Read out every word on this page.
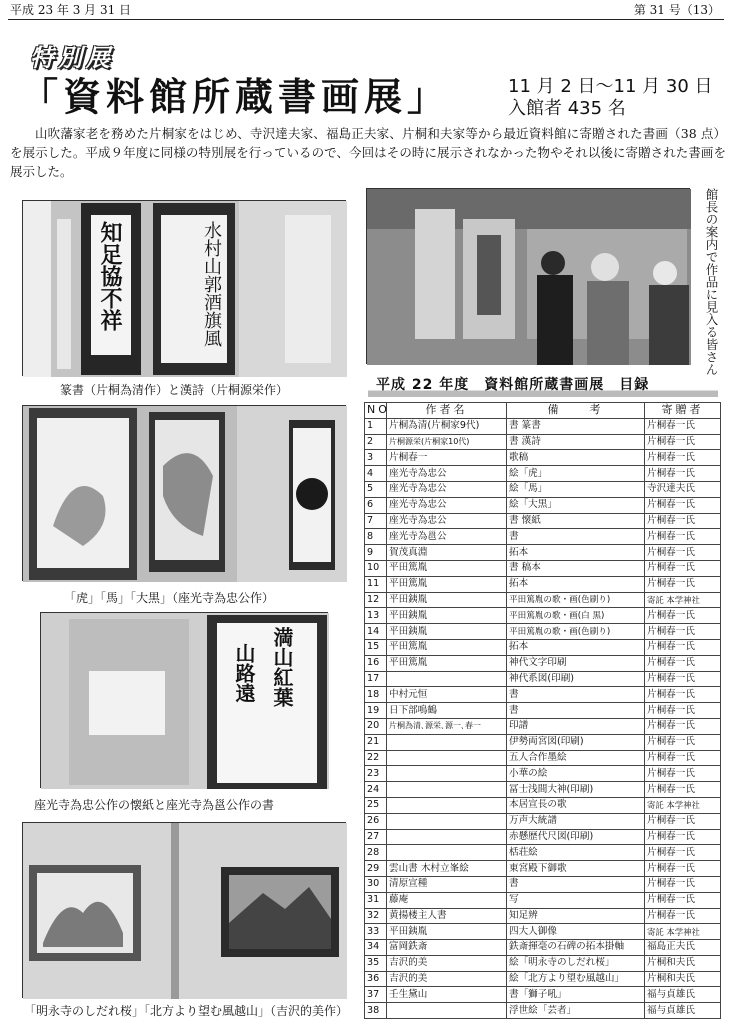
平成 23 年 3 月 31 日	第 31 号（13）
特別展
「資料館所蔵書画展」	11 月 2 日～11 月 30 日
入館者 435 名

山吹藩家老を務めた片桐家をはじめ、寺沢達夫家、福島正夫家、片桐和夫家等から最近資料館に寄贈された書画（38 点）を展示した。平成９年度に同様の特別展を行っているので、今回はその時に展示されなかった物やそれ以後に寄贈された書画を展示した。

知足協不祥	水村山郭酒旗風
篆書（片桐為清作）と漢詩（片桐源栄作）
「虎」「馬」「大黒」（座光寺為忠公作）
山路遠 満山紅葉
座光寺為忠公作の懐紙と座光寺為邕公作の書
「明永寺のしだれ桜」「北方より望む風越山」（吉沢的美作）
館長の案内で作品に見入る皆さん
平成 22 年度　資料館所蔵書画展　目録
NO	作者名	備　　考	寄贈者
1	片桐為清(片桐家9代)	書 篆書	片桐春一氏
2	片桐源栄(片桐家10代)	書 漢詩	片桐春一氏
3	片桐春一	歌稿	片桐春一氏
4	座光寺為忠公	絵「虎」	片桐春一氏
5	座光寺為忠公	絵「馬」	寺沢達夫氏
6	座光寺為忠公	絵「大黒」	片桐春一氏
7	座光寺為忠公	書 懐紙	片桐春一氏
8	座光寺為邕公	書	片桐春一氏
9	賀茂真淵	拓本	片桐春一氏
10	平田篤胤	書 稿本	片桐春一氏
11	平田篤胤	拓本	片桐春一氏
12	平田銕胤	平田篤胤の歌・画(色刷り)	寄託 本学神社
13	平田銕胤	平田篤胤の歌・画(白 黒)	片桐春一氏
14	平田銕胤	平田篤胤の歌・画(色刷り)	片桐春一氏
15	平田篤胤	拓本	片桐春一氏
16	平田篤胤	神代文字印刷	片桐春一氏
17		神代系図(印刷)	片桐春一氏
18	中村元恒	書	片桐春一氏
19	日下部鳴鶴	書	片桐春一氏
20	片桐為清､源栄､源一､春一	印譜	片桐春一氏
21		伊勢両宮図(印刷)	片桐春一氏
22		五人合作墨絵	片桐春一氏
23		小華の絵	片桐春一氏
24		冨士浅間大神(印刷)	片桐春一氏
25		本居宣長の歌	寄託 本学神社
26		万声大統譜	片桐春一氏
27		赤懸歴代尺図(印刷)	片桐春一氏
28		栝荘絵	片桐春一氏
29	雲山書 木村立峯絵	東宮殿下御歌	片桐春一氏
30	清原宣種	書	片桐春一氏
31	藤庵	写	片桐春一氏
32	黄揚楼主人書	知足辨	片桐春一氏
33	平田銕胤	四大人御像	寄託 本学神社
34	富岡鉄斎	鉄斎揮毫の石碑の拓本掛軸	福島正夫氏
35	吉沢的美	絵「明永寺のしだれ桜」	片桐和夫氏
36	吉沢的美	絵「北方より望む風越山」	片桐和夫氏
37	壬生黛山	書「獅子吼」	福与貞雄氏
38		浮世絵「芸者」	福与貞雄氏
